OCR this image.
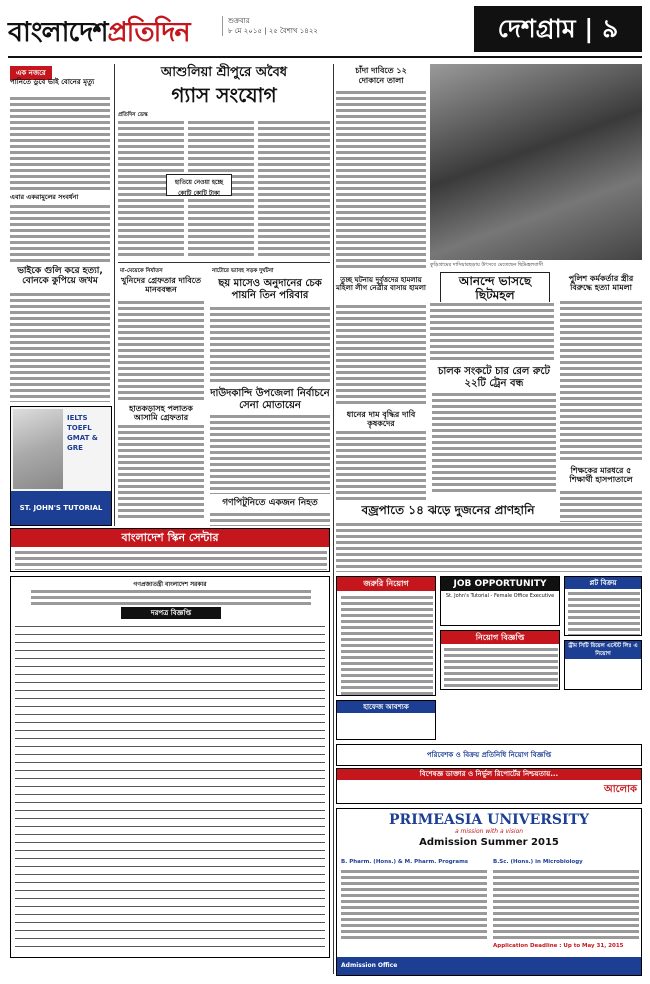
বাংলাদেশপ্রতিদিন	শুক্রবার
৮ মে ২০১৫ | ২৫ বৈশাখ ১৪২২	দেশগ্রাম | ৯
এক নজরে
পানিতে ডুবে ভাই বোনের মৃত্যু
এবার একরামুলের সংবর্ধনা
ভাইকে গুলি করে হত্যা, বোনকে কুপিয়ে জখম
IELTS
TOEFL
GMAT & GRE
ST. JOHN'S TUTORIAL
আশুলিয়া শ্রীপুরে অবৈধ
গ্যাস সংযোগ
প্রতিদিন ডেস্ক
হাতিয়ে নেওয়া হচ্ছে কোটি কোটি টাকা
মা-মেয়েকে নির্যাতন
খুনিদের গ্রেফতার দাবিতে মানববন্ধন
নাটোরে ভ্যাবহ সড়ক দুর্ঘটনা
ছয় মাসেও অনুদানের চেক পায়নি তিন পরিবার
হাতকড়াসহ পলাতক আসামি গ্রেফতার
দাউদকান্দি উপজেলা নির্বাচনে সেনা মোতায়েন
গণপিটুনিতে একজন নিহত
চাঁদা দাবিতে ১২
দোকানে তালা
কুড়িগ্রামের দাসিয়ারছড়ায় উৎসবে মেতেছেন ছিটমহলবাসী
আনন্দে ভাসছে ছিটমহল
পুলিশ কর্মকর্তার স্ত্রীর বিরুদ্ধে হত্যা মামলা
তুচ্ছ ঘটনায় দুর্বৃত্তদের হামলায় মহিলা লীগ নেত্রীর বাসায় হামলা
চালক সংকটে চার রেল রুটে ২২টি ট্রেন বন্ধ
ধানের দাম বৃদ্ধির দাবি কৃষকদের
শিক্ষকের মারধরে ৫ শিক্ষার্থী হাসপাতালে
বজ্রপাতে ১৪ ঝড়ে দুজনের প্রাণহানি
বাংলাদেশ স্কিন সেন্টার
গণপ্রজাতন্ত্রী বাংলাদেশ সরকার
দরপত্র বিজ্ঞপ্তি
জরুরি নিয়োগ	JOB OPPORTUNITY
St. John's Tutorial - Female Office Executive
প্লট বিক্রয়
হাফেজ আবশ্যক
নিয়োগ বিজ্ঞপ্তি
ড্রীম সিটি রিয়েল এস্টেট লিঃ এ নিয়োগ
পরিবেশক ও বিক্রয় প্রতিনিধি নিয়োগ বিজ্ঞপ্তি
বিশেষজ্ঞ ডাক্তার ও নির্ভুল রিপোর্টের নিশ্চয়তায়...
আলোক
PRIMEASIA UNIVERSITY
a mission with a vision
Admission Summer 2015
B. Pharm. (Hons.) & M. Pharm. Programs	B.Sc. (Hons.) in Microbiology
Application Deadline : Up to May 31, 2015
Admission Office
